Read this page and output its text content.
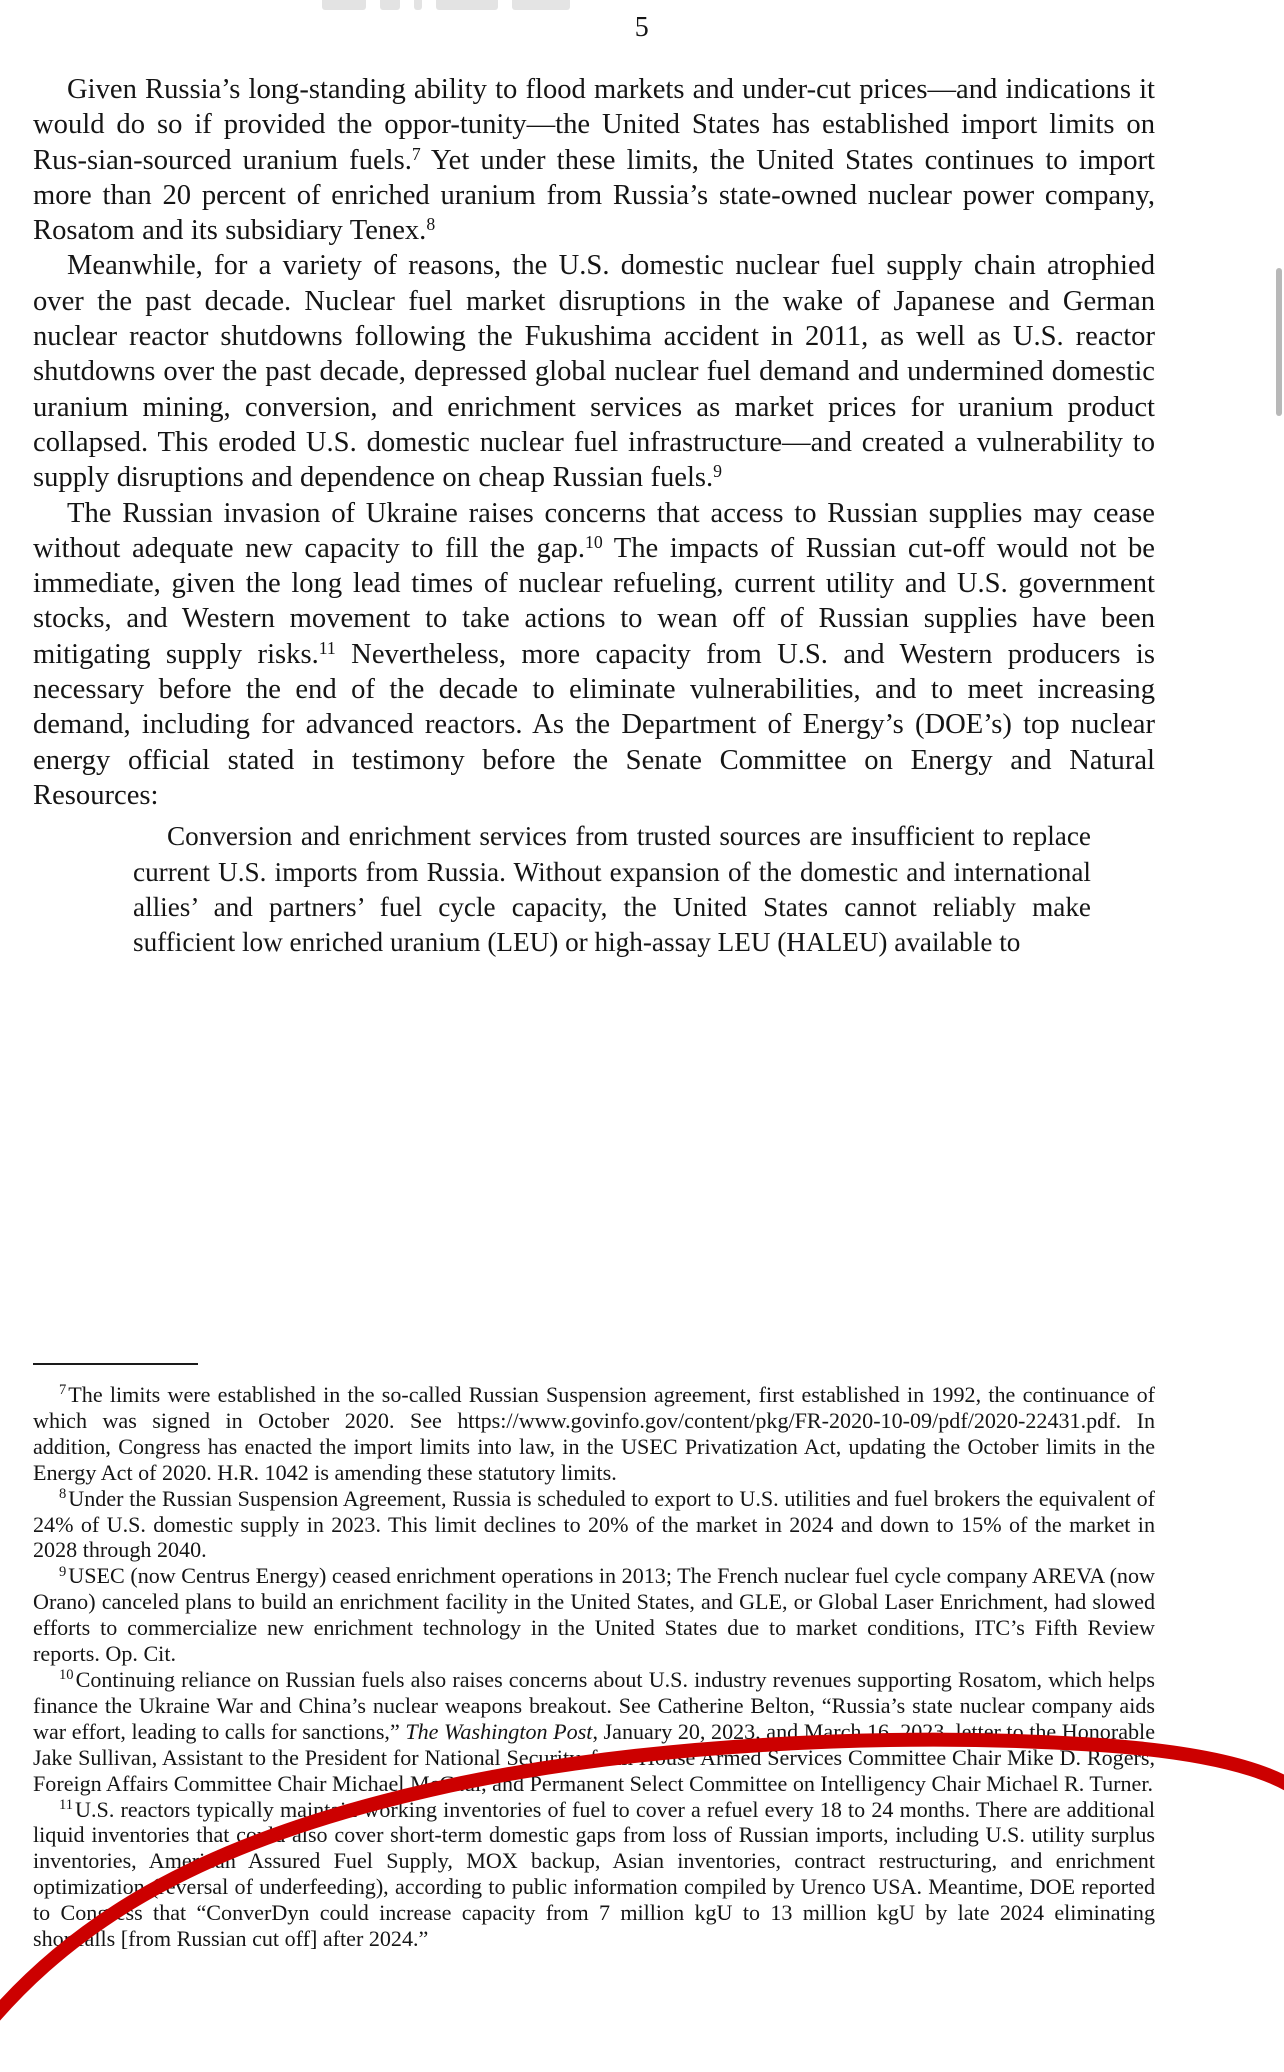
5

Given Russia’s long-standing ability to flood markets and under-cut prices—and indications it would do so if provided the oppor-tunity—the United States has established import limits on Rus-sian-sourced uranium fuels.$^7$ Yet under these limits, the United States continues to import more than 20 percent of enriched uranium from Russia’s state-owned nuclear power company, Rosatom and its subsidiary Tenex.$^8$

Meanwhile, for a variety of reasons, the U.S. domestic nuclear fuel supply chain atrophied over the past decade. Nuclear fuel market disruptions in the wake of Japanese and German nuclear reactor shutdowns following the Fukushima accident in 2011, as well as U.S. reactor shutdowns over the past decade, depressed global nuclear fuel demand and undermined domestic uranium mining, conversion, and enrichment services as market prices for uranium product collapsed. This eroded U.S. domestic nuclear fuel infrastructure—and created a vulnerability to supply disruptions and dependence on cheap Russian fuels.$^9$

The Russian invasion of Ukraine raises concerns that access to Russian supplies may cease without adequate new capacity to fill the gap.$^{10}$ The impacts of Russian cut-off would not be immediate, given the long lead times of nuclear refueling, current utility and U.S. government stocks, and Western movement to take actions to wean off of Russian supplies have been mitigating supply risks.$^{11}$ Nevertheless, more capacity from U.S. and Western producers is necessary before the end of the decade to eliminate vulnerabilities, and to meet increasing demand, including for advanced reactors. As the Department of Energy’s (DOE’s) top nuclear energy official stated in testimony before the Senate Committee on Energy and Natural Resources:

Conversion and enrichment services from trusted sources are insufficient to replace current U.S. imports from Russia. Without expansion of the domestic and international allies’ and partners’ fuel cycle capacity, the United States cannot reliably make sufficient low enriched uranium (LEU) or high-assay LEU (HALEU) available to

$^7$The limits were established in the so-called Russian Suspension agreement, first established in 1992, the continuance of which was signed in October 2020. See https://www.govinfo.gov/content/pkg/FR-2020-10-09/pdf/2020-22431.pdf. In addition, Congress has enacted the import limits into law, in the USEC Privatization Act, updating the October limits in the Energy Act of 2020. H.R. 1042 is amending these statutory limits.

$^8$Under the Russian Suspension Agreement, Russia is scheduled to export to U.S. utilities and fuel brokers the equivalent of 24% of U.S. domestic supply in 2023. This limit declines to 20% of the market in 2024 and down to 15% of the market in 2028 through 2040.

$^9$USEC (now Centrus Energy) ceased enrichment operations in 2013; The French nuclear fuel cycle company AREVA (now Orano) canceled plans to build an enrichment facility in the United States, and GLE, or Global Laser Enrichment, had slowed efforts to commercialize new enrichment technology in the United States due to market conditions, ITC’s Fifth Review reports. Op. Cit.

$^{10}$Continuing reliance on Russian fuels also raises concerns about U.S. industry revenues supporting Rosatom, which helps finance the Ukraine War and China’s nuclear weapons breakout. See Catherine Belton, “Russia’s state nuclear company aids war effort, leading to calls for sanctions,” The Washington Post, January 20, 2023, and March 16, 2023, letter to the Honorable Jake Sullivan, Assistant to the President for National Security, from House Armed Services Committee Chair Mike D. Rogers, Foreign Affairs Committee Chair Michael McCaul, and Permanent Select Committee on Intelligency Chair Michael R. Turner.

$^{11}$U.S. reactors typically maintain working inventories of fuel to cover a refuel every 18 to 24 months. There are additional liquid inventories that could also cover short-term domestic gaps from loss of Russian imports, including U.S. utility surplus inventories, American Assured Fuel Supply, MOX backup, Asian inventories, contract restructuring, and enrichment optimization (reversal of underfeeding), according to public information compiled by Urenco USA. Meantime, DOE reported to Congress that “ConverDyn could increase capacity from 7 million kgU to 13 million kgU by late 2024 eliminating shortfalls [from Russian cut off] after 2024.”
